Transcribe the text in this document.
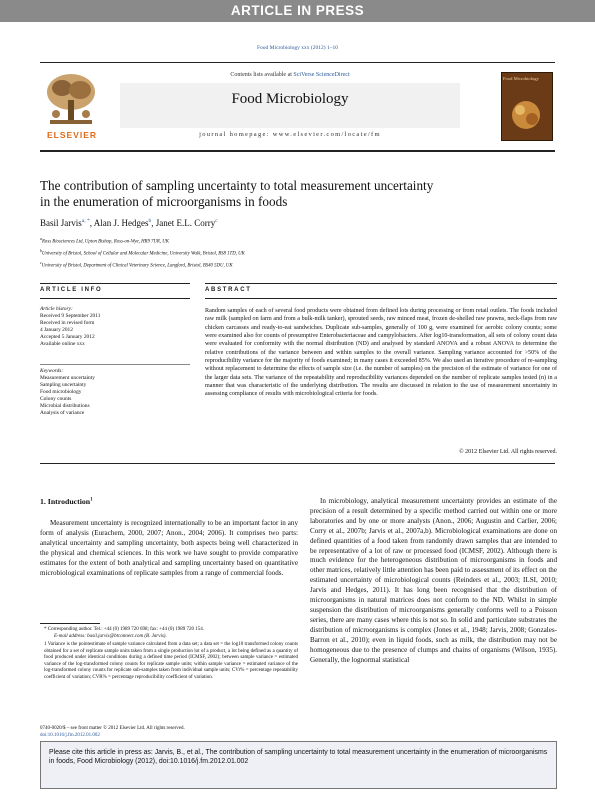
ARTICLE IN PRESS
Food Microbiology xxx (2012) 1–10
ELSEVIER
Contents lists available at SciVerse ScienceDirect
Food Microbiology
journal homepage: www.elsevier.com/locate/fm
Food Microbiology
The contribution of sampling uncertainty to total measurement uncertainty
in the enumeration of microorganisms in foods
Basil Jarvis$^{a, *}$, Alan J. Hedges$^b$, Janet E.L. Corry$^c$
$^a$Ross Biosciences Ltd, Upton Bishop, Ross-on-Wye, HR9 7UR, UK
$^b$University of Bristol, School of Cellular and Molecular Medicine, University Walk, Bristol, BS8 1TD, UK
$^c$University of Bristol, Department of Clinical Veterinary Science, Langford, Bristol, BS40 5DU, UK
ARTICLE INFO	ABSTRACT
Article history:
Received 9 September 2011
Received in revised form
4 January 2012
Accepted 5 January 2012
Available online xxx
Keywords:
Measurement uncertainty
Sampling uncertainty
Food microbiology
Colony counts
Microbial distributions
Analysis of variance
Random samples of each of several food products were obtained from defined lots during processing or from retail outlets. The foods included raw milk (sampled on farm and from a bulk-milk tanker), sprouted seeds, raw minced meat, frozen de-shelled raw prawns, neck-flaps from raw chicken carcasses and ready-to-eat sandwiches. Duplicate sub-samples, generally of 100 g, were examined for aerobic colony counts; some were examined also for counts of presumptive Enterobacteriaceae and campylobacters. After log10-transformation, all sets of colony count data were evaluated for conformity with the normal distribution (ND) and analysed by standard ANOVA and a robust ANOVA to determine the relative contributions of the variance between and within samples to the overall variance. Sampling variance accounted for >50% of the reproducibility variance for the majority of foods examined; in many cases it exceeded 85%. We also used an iterative procedure of re-sampling without replacement to determine the effects of sample size (i.e. the number of samples) on the precision of the estimate of variance for one of the larger data sets. The variance of the repeatability and reproducibility variances depended on the number of replicate samples tested (n) in a manner that was characteristic of the underlying distribution. The results are discussed in relation to the use of measurement uncertainty in assessing compliance of results with microbiological criteria for foods.
© 2012 Elsevier Ltd. All rights reserved.
1. Introduction$^1$
Measurement uncertainty is recognized internationally to be an important factor in any form of analysis (Eurachem, 2000, 2007; Anon., 2004; 2006). It comprises two parts: analytical uncertainty and sampling uncertainty, both aspects being well characterized in the physical and chemical sciences. In this work we have sought to provide comparative estimates for the extent of both analytical and sampling uncertainty based on quantitative microbiological examinations of replicate samples from a range of commercial foods.
In microbiology, analytical measurement uncertainty provides an estimate of the precision of a result determined by a specific method carried out within one or more laboratories and by one or more analysts (Anon., 2006; Augustin and Carlier, 2006; Corry et al., 2007b; Jarvis et al., 2007a,b). Microbiological examinations are done on defined quantities of a food taken from randomly drawn samples that are intended to be representative of a lot of raw or processed food (ICMSF, 2002). Although there is much evidence for the heterogeneous distribution of microorganisms in foods and other matrices, relatively little attention has been paid to assessment of its effect on the estimated uncertainty of microbiological counts (Reinders et al., 2003; ILSI, 2010; Jarvis and Hedges, 2011). It has long been recognised that the distribution of microorganisms in natural matrices does not conform to the ND. Whilst in simple suspension the distribution of microorganisms generally conforms well to a Poisson series, there are many cases where this is not so. In solid and particulate substrates the distribution of microorganisms is complex (Jones et al., 1948; Jarvis, 2008; Gonzales-Barron et al., 2010); even in liquid foods, such as milk, the distribution may not be homogeneous due to the presence of clumps and chains of organisms (Wilson, 1935). Generally, the lognormal statistical
* Corresponding author. Tel.: +44 (0) 1989 720 698; fax: +44 (0) 1989 720 154.
E-mail address: basil.jarvis@btconnect.com (B. Jarvis).
1 Variance is the pointestimate of sample variance calculated from a data set; a data set = the log10 transformed colony counts obtained for a set of replicate sample units taken from a single production lot of a product, a lot being defined as a quantity of food produced under identical conditions during a defined time period (ICMSF, 2002); between sample variance = estimated variance of the log-transformed colony counts for replicate sample units; within sample variance = estimated variance of the log-transformed colony counts for replicate sub-samples taken from individual sample units; CVr% = percentage repeatability coefficient of variation; CVR% = percentage reproducibility coefficient of variation.
0740-0020/$ – see front matter © 2012 Elsevier Ltd. All rights reserved.
doi:10.1016/j.fm.2012.01.002
Please cite this article in press as: Jarvis, B., et al., The contribution of sampling uncertainty to total measurement uncertainty in the enumeration of microorganisms in foods, Food Microbiology (2012), doi:10.1016/j.fm.2012.01.002
